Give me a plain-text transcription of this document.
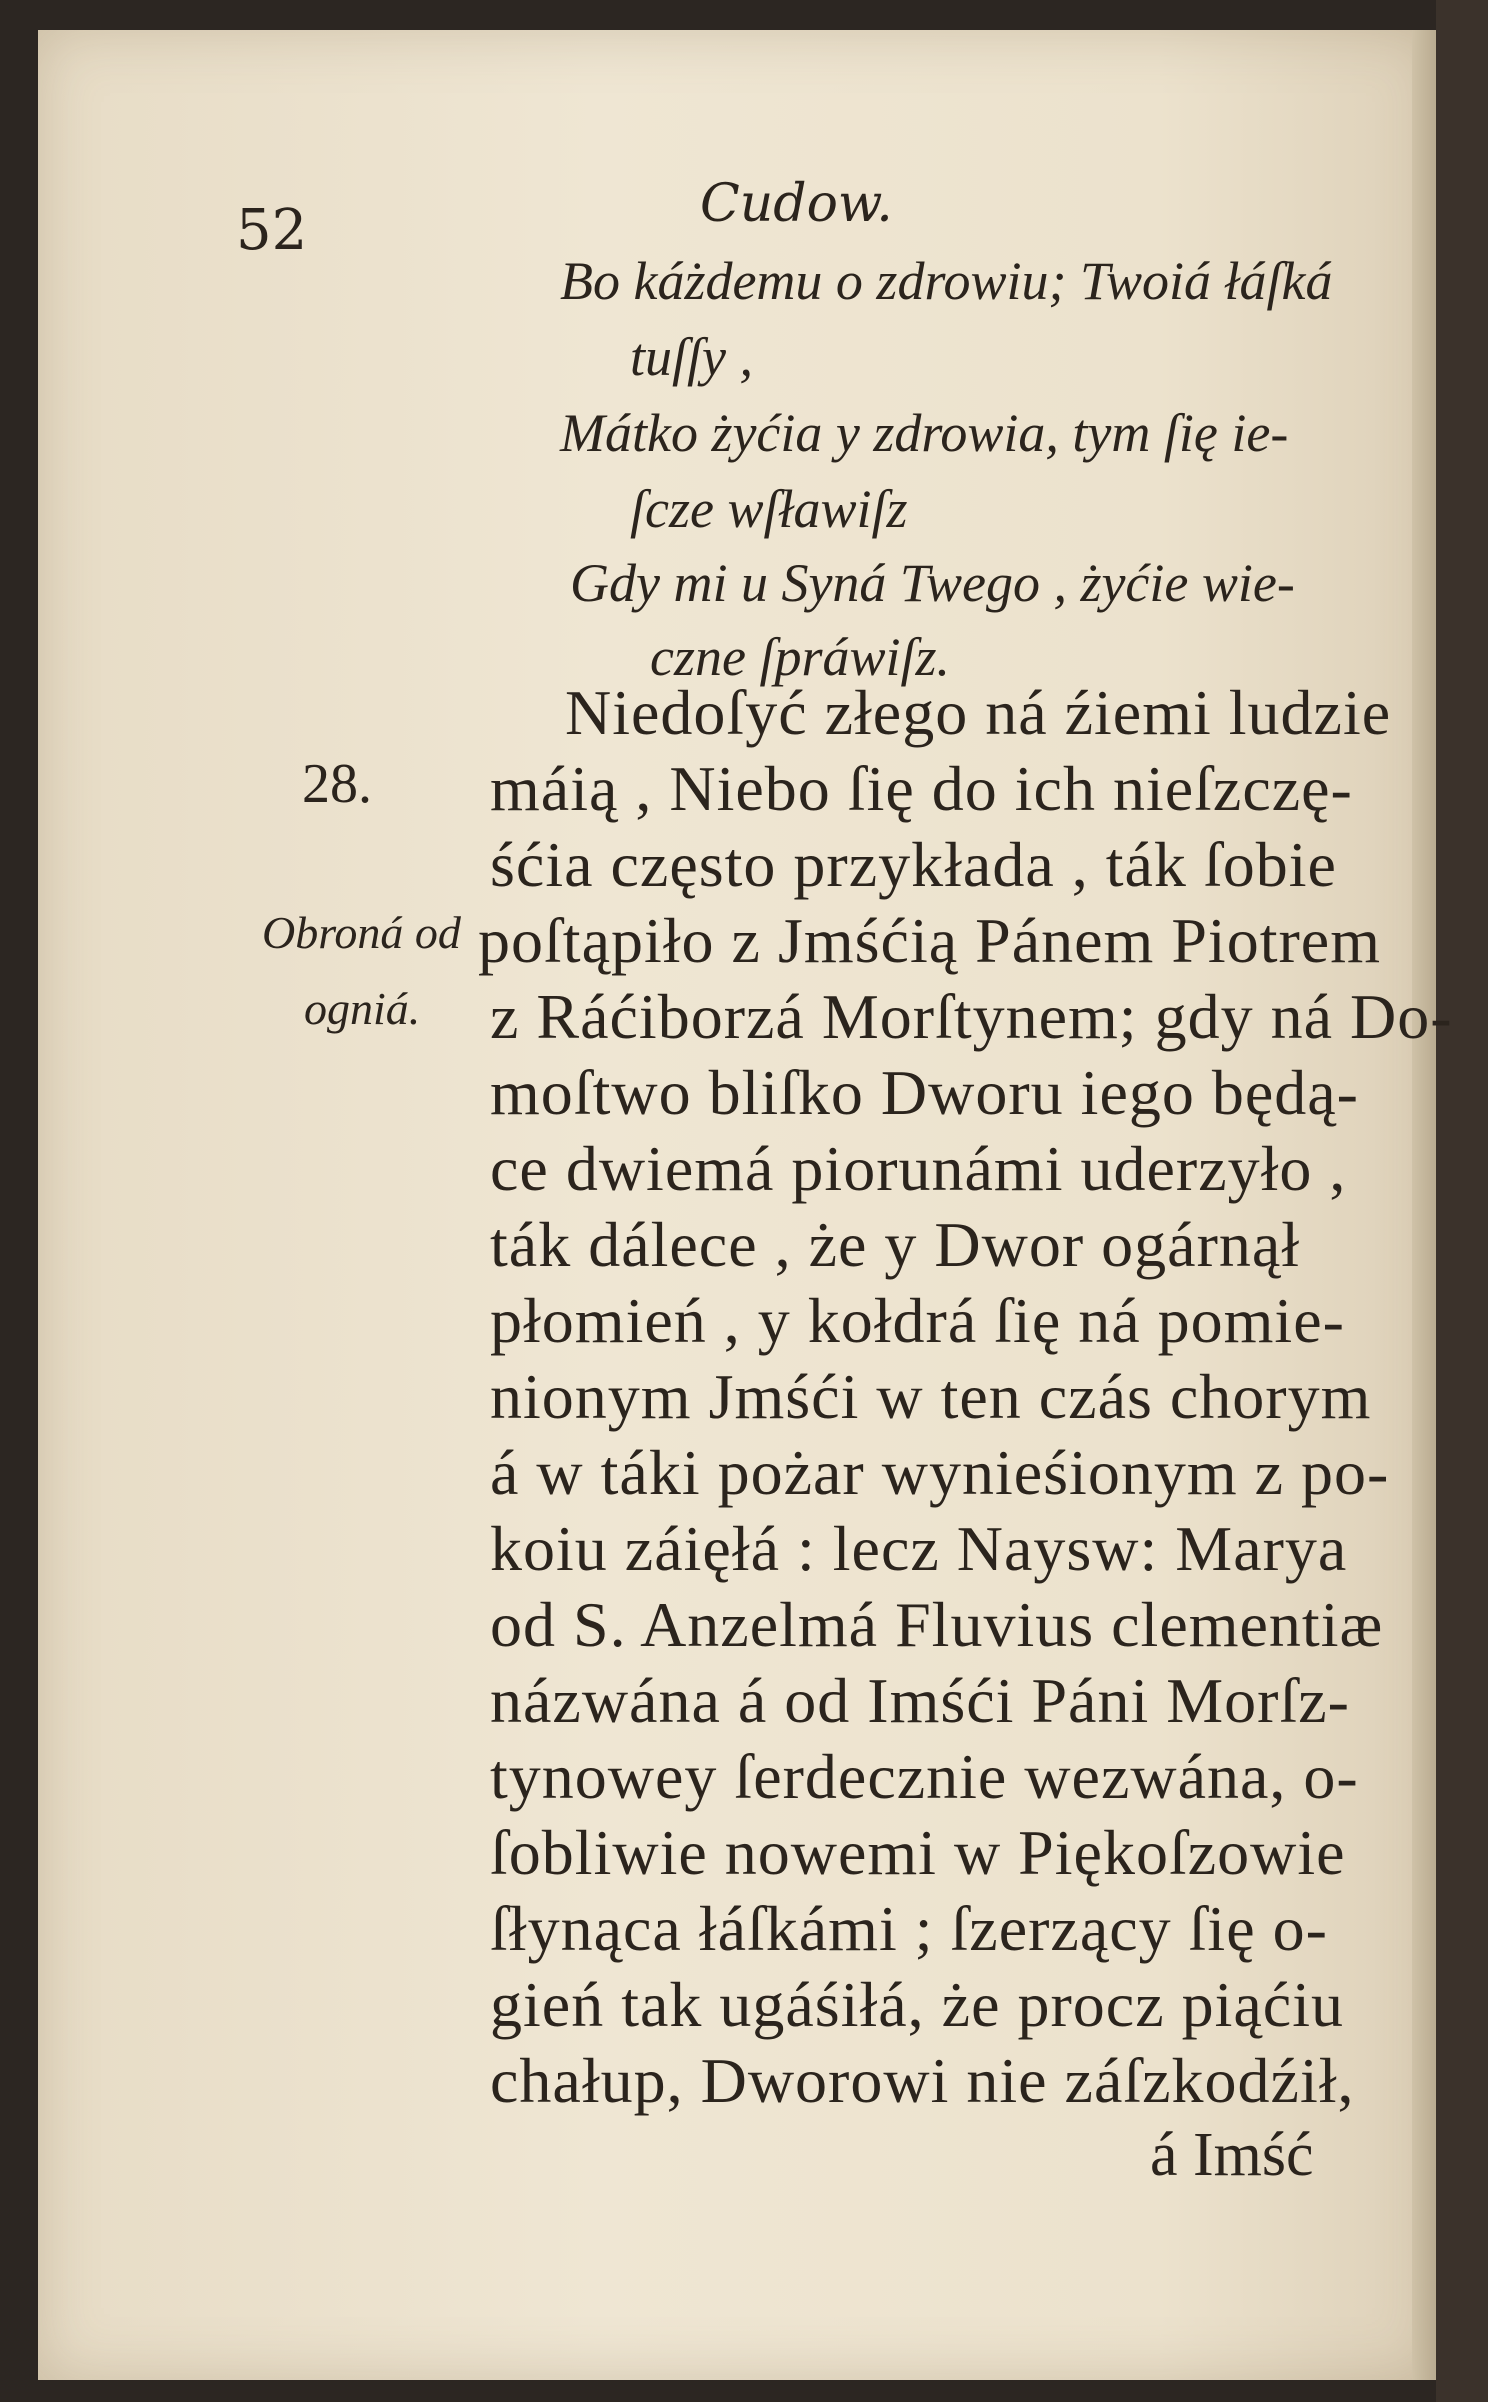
52	Cudow.
Bo káżdemu o zdrowiu; Twoiá łáſká
tuſſy ,
Mátko żyćia y zdrowia, tym ſię ie-
ſcze wſławiſz
Gdy mi u Syná Twego , żyćie wie-
czne ſpráwiſz.
28.
Obroná od
ogniá.
Niedoſyć złego ná źiemi ludzie
máią , Niebo ſię do ich nieſzczę-
śćia często przykłada , ták ſobie
poſtąpiło z Jmśćią Pánem Piotrem
z Ráćiborzá Morſtynem; gdy ná Do-
moſtwo bliſko Dworu iego będą-
ce dwiemá piorunámi uderzyło ,
ták dálece , że y Dwor ogárnął
płomień , y kołdrá ſię ná pomie-
nionym Jmśći w ten czás chorym
á w táki pożar wynieśionym z po-
koiu záięłá : lecz Naysw: Marya
od S. Anzelmá Fluvius clementiæ
názwána á od Imśći Páni Morſz-
tynowey ſerdecznie wezwána, o-
ſobliwie nowemi w Piękoſzowie
ſłynąca łáſkámi ; ſzerzący ſię o-
gień tak ugáśiłá, że procz piąćiu
chałup, Dworowi nie záſzkodźił,
á Imść
